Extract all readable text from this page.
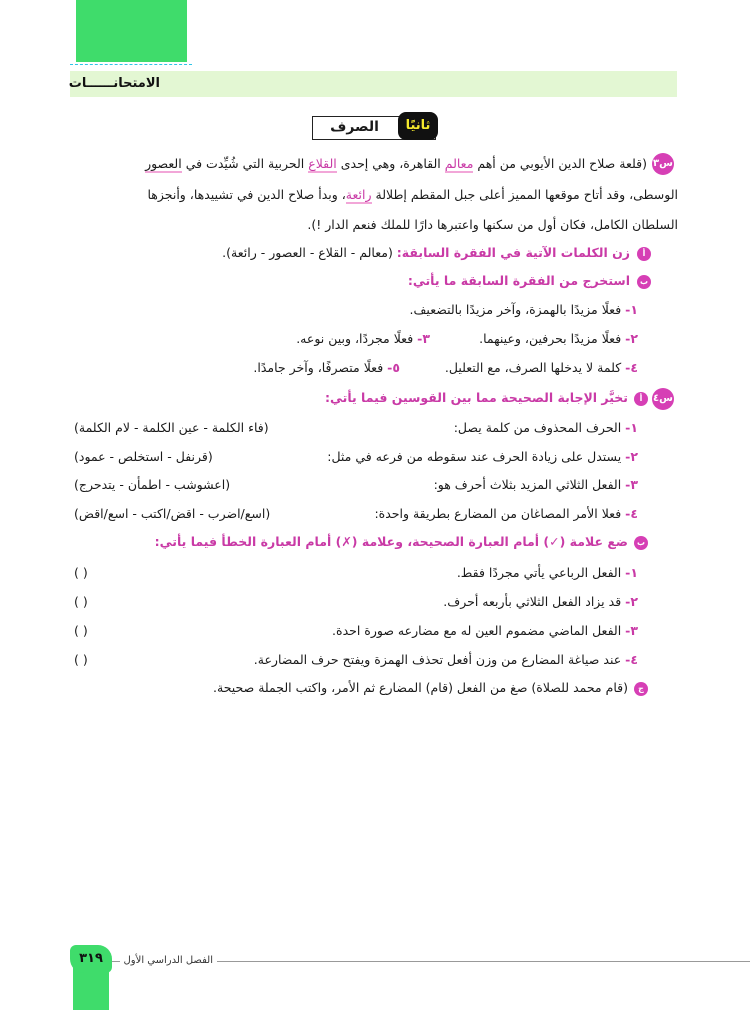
الامتحانــــــات
الصرف	ثانيًا
س٣
(قلعة صلاح الدين الأيوبي من أهم معالم القاهرة، وهي إحدى القلاع الحربية التي شُيِّدت في العصور
الوسطى، وقد أتاح موقعها المميز أعلى جبل المقطم إطلالة رائعة، وبدأ صلاح الدين في تشييدها، وأنجزها
السلطان الكامل، فكان أول من سكنها واعتبرها دارًا للملك فنعم الدار !).
أ
زن الكلمات الآتية في الفقرة السابقة: (معالم - القلاع - العصور - رائعة).
ب
استخرج من الفقرة السابقة ما يأتي:
١- فعلًا مزيدًا بالهمزة، وآخر مزيدًا بالتضعيف.
٢- فعلًا مزيدًا بحرفين، وعينهما.
٣- فعلًا مجردًا، وبين نوعه.
٤- كلمة لا يدخلها الصرف، مع التعليل.
٥- فعلًا متصرفًا، وآخر جامدًا.
س٤
أ
تخيَّر الإجابة الصحيحة مما بين القوسين فيما يأتي:
١- الحرف المحذوف من كلمة يصل:
(فاء الكلمة - عين الكلمة - لام الكلمة)
٢- يستدل على زيادة الحرف عند سقوطه من فرعه في مثل:
(قرنفل - استخلص - عمود)
٣- الفعل الثلاثي المزيد بثلاث أحرف هو:
(اعشوشب - اطمأن - يتدحرج)
٤- فعلا الأمر المصاغان من المضارع بطريقة واحدة:
(اسع/اضرب - اقض/اكتب - اسع/اقض)
ب
ضع علامة (✓) أمام العبارة الصحيحة، وعلامة (✗) أمام العبارة الخطأ فيما يأتي:
١- الفعل الرباعي يأتي مجردًا فقط.
( )
٢- قد يزاد الفعل الثلاثي بأربعه أحرف.
( )
٣- الفعل الماضي مضموم العين له مع مضارعه صورة احدة.
( )
٤- عند صياغة المضارع من وزن أفعل تحذف الهمزة ويفتح حرف المضارعة.
( )
ج
(قام محمد للصلاة) صغ من الفعل (قام) المضارع ثم الأمر، واكتب الجملة صحيحة.
الفصل الدراسي الأول
٣١٩
